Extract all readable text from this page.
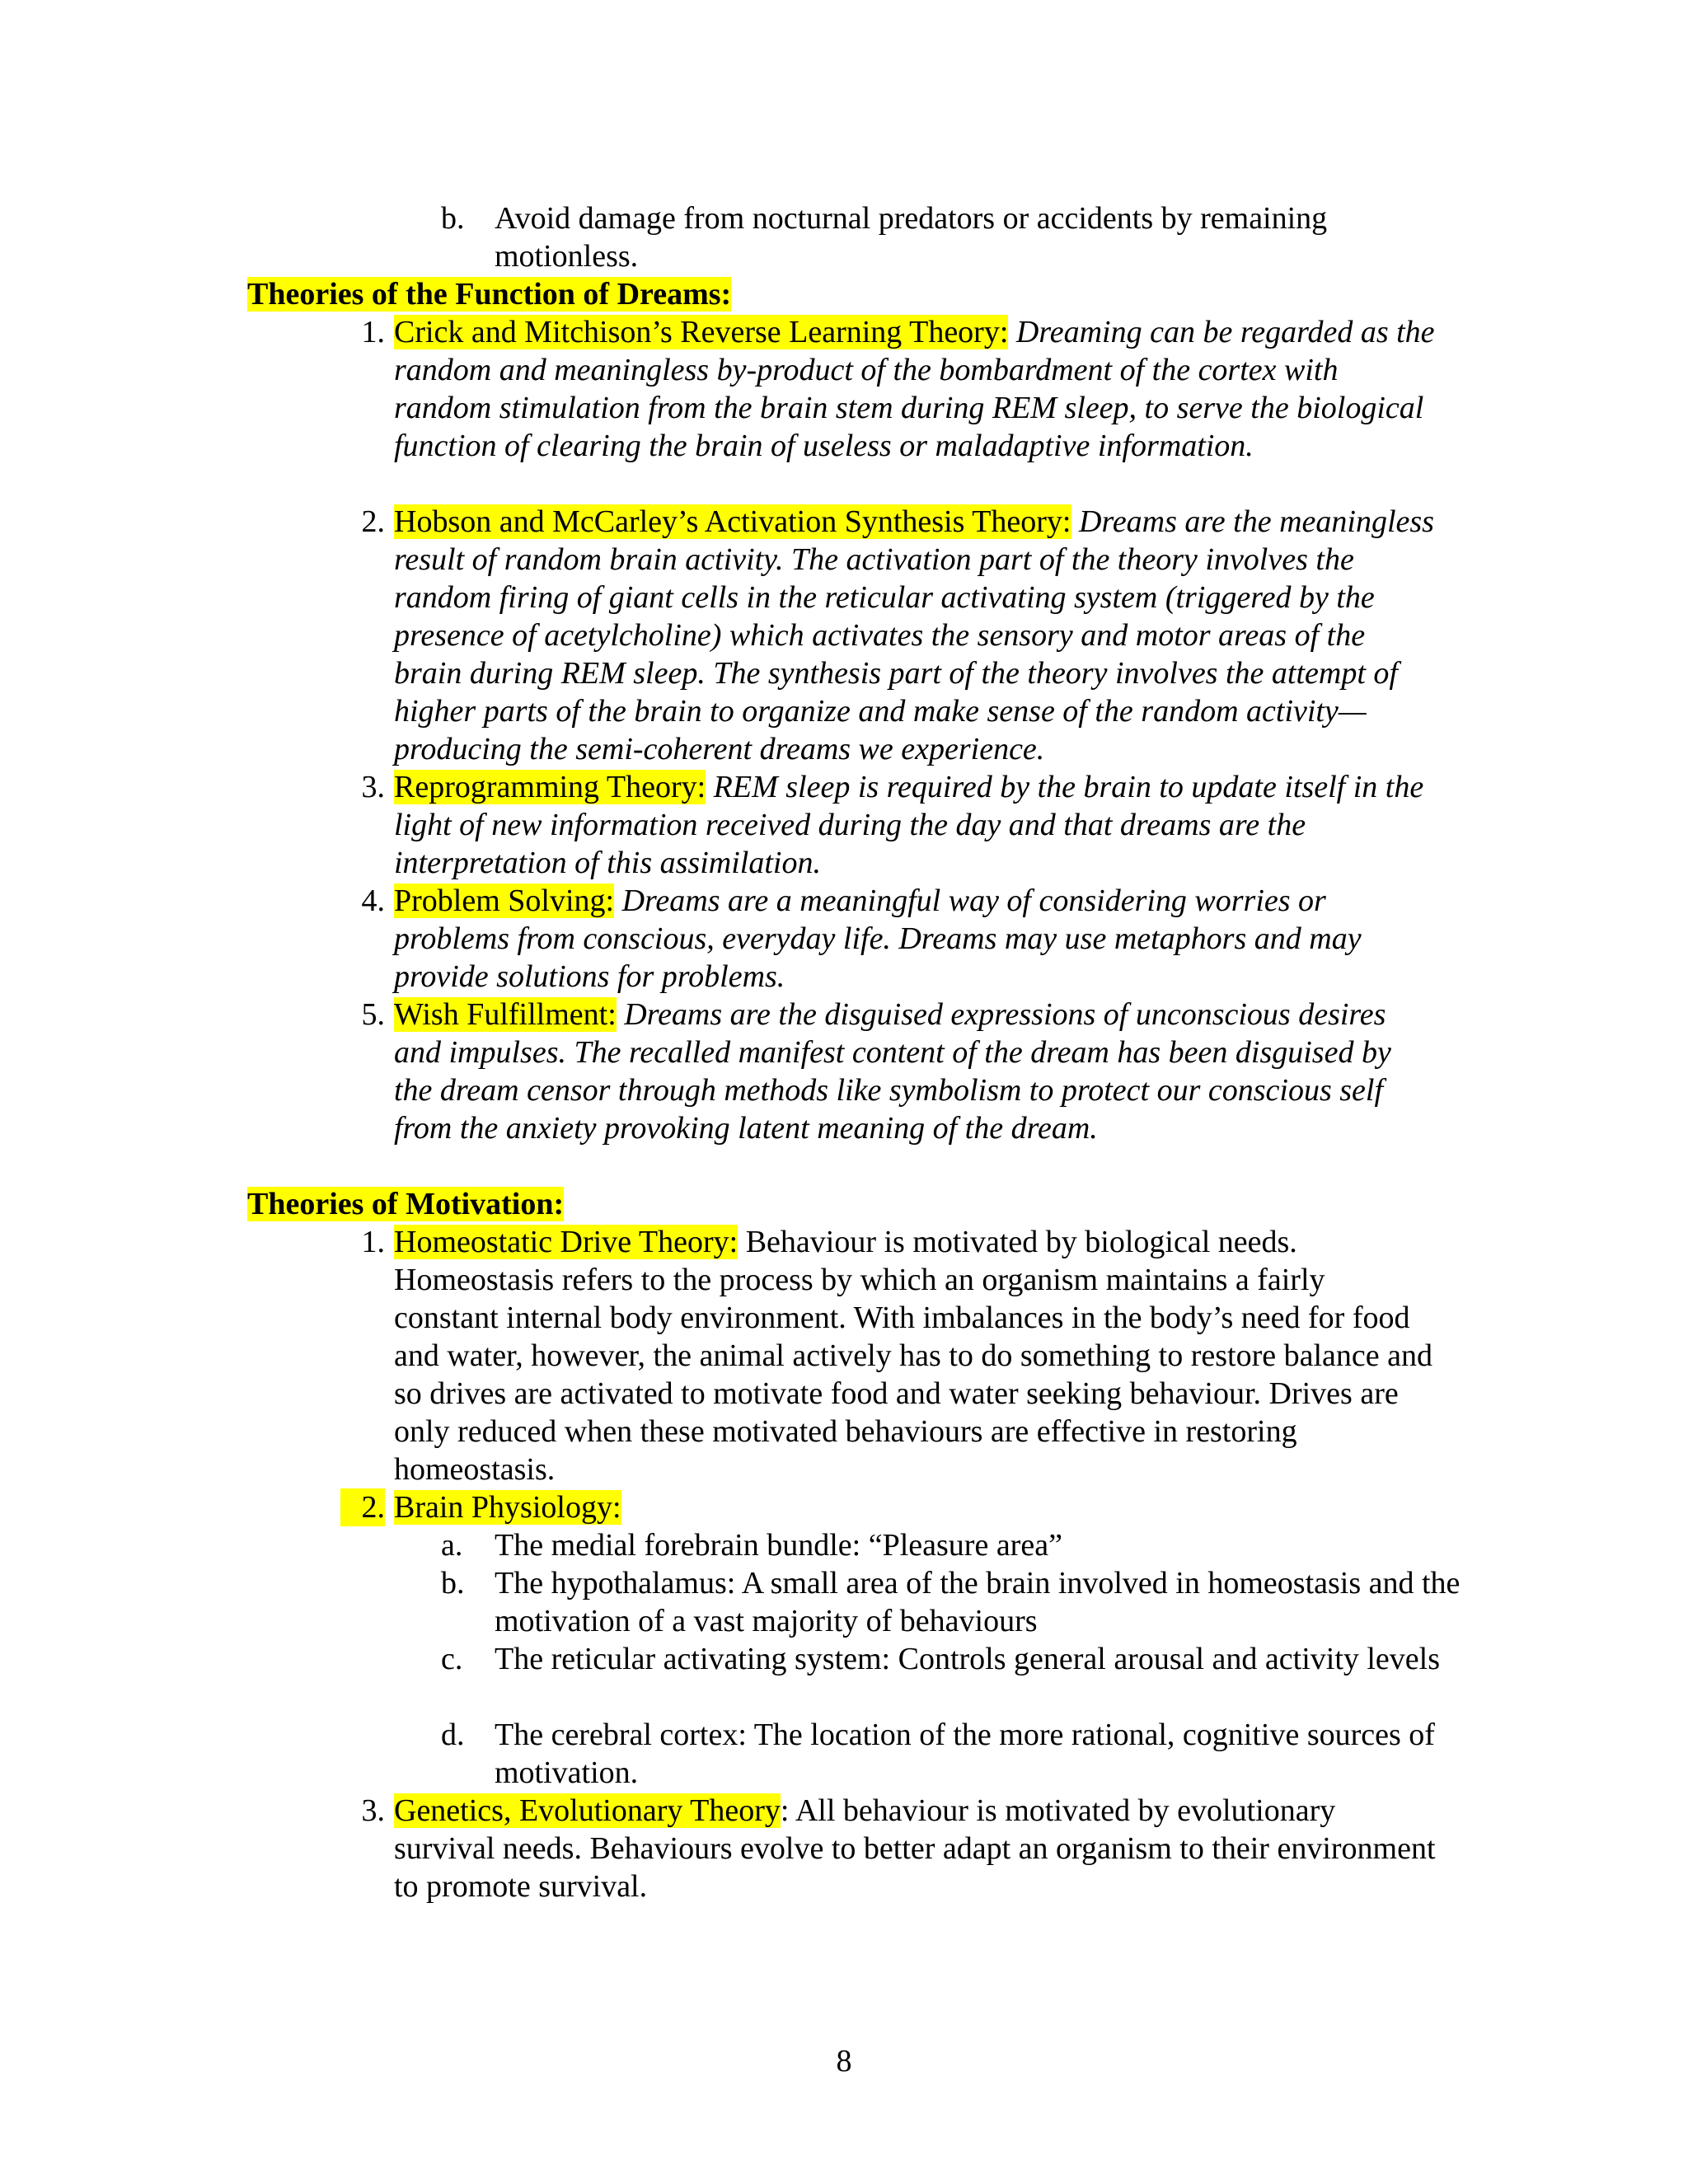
b. Avoid damage from nocturnal predators or accidents by remaining motionless.
Theories of the Function of Dreams:
1. Crick and Mitchison’s Reverse Learning Theory: Dreaming can be regarded as the random and meaningless by-product of the bombardment of the cortex with random stimulation from the brain stem during REM sleep, to serve the biological function of clearing the brain of useless or maladaptive information.
2. Hobson and McCarley’s Activation Synthesis Theory: Dreams are the meaningless result of random brain activity. The activation part of the theory involves the random firing of giant cells in the reticular activating system (triggered by the presence of acetylcholine) which activates the sensory and motor areas of the brain during REM sleep. The synthesis part of the theory involves the attempt of higher parts of the brain to organize and make sense of the random activity—producing the semi-coherent dreams we experience.
3. Reprogramming Theory: REM sleep is required by the brain to update itself in the light of new information received during the day and that dreams are the interpretation of this assimilation.
4. Problem Solving: Dreams are a meaningful way of considering worries or problems from conscious, everyday life. Dreams may use metaphors and may provide solutions for problems.
5. Wish Fulfillment: Dreams are the disguised expressions of unconscious desires and impulses. The recalled manifest content of the dream has been disguised by the dream censor through methods like symbolism to protect our conscious self from the anxiety provoking latent meaning of the dream.
Theories of Motivation:
1. Homeostatic Drive Theory: Behaviour is motivated by biological needs. Homeostasis refers to the process by which an organism maintains a fairly constant internal body environment. With imbalances in the body’s need for food and water, however, the animal actively has to do something to restore balance and so drives are activated to motivate food and water seeking behaviour. Drives are only reduced when these motivated behaviours are effective in restoring homeostasis.
2. Brain Physiology:
a. The medial forebrain bundle: “Pleasure area”
b. The hypothalamus: A small area of the brain involved in homeostasis and the motivation of a vast majority of behaviours
c. The reticular activating system: Controls general arousal and activity levels
d. The cerebral cortex: The location of the more rational, cognitive sources of motivation.
3. Genetics, Evolutionary Theory: All behaviour is motivated by evolutionary survival needs. Behaviours evolve to better adapt an organism to their environment to promote survival.
8
